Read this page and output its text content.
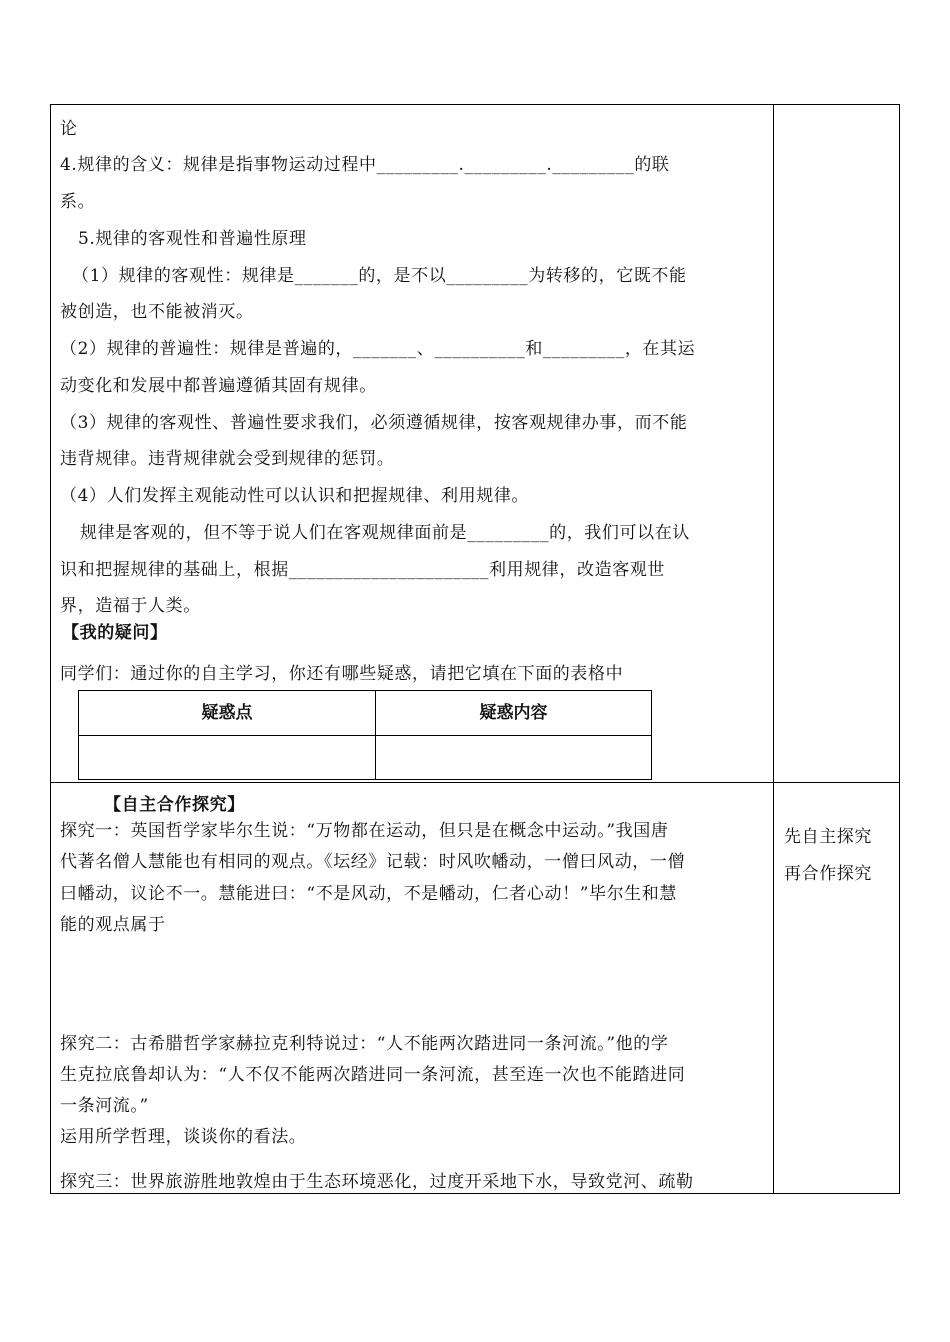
论
4.规律的含义：规律是指事物运动过程中_________._________._________的联
系。
5.规律的客观性和普遍性原理
（1）规律的客观性：规律是_______的，是不以_________为转移的，它既不能
被创造，也不能被消灭。
（2）规律的普遍性：规律是普遍的，_______、__________和_________，在其运
动变化和发展中都普遍遵循其固有规律。
（3）规律的客观性、普遍性要求我们，必须遵循规律，按客观规律办事，而不能
违背规律。违背规律就会受到规律的惩罚。
（4）人们发挥主观能动性可以认识和把握规律、利用规律。
规律是客观的，但不等于说人们在客观规律面前是_________的，我们可以在认
识和把握规律的基础上，根据______________________利用规律，改造客观世
界，造福于人类。
【我的疑问】
同学们：通过你的自主学习，你还有哪些疑惑，请把它填在下面的表格中
疑惑点	疑惑内容
【自主合作探究】
探究一：英国哲学家毕尔生说：“万物都在运动，但只是在概念中运动。”我国唐
代著名僧人慧能也有相同的观点。《坛经》记载：时风吹幡动，一僧曰风动，一僧
曰幡动，议论不一。慧能进曰：“不是风动，不是幡动，仁者心动！”毕尔生和慧
能的观点属于
探究二：古希腊哲学家赫拉克利特说过：“人不能两次踏进同一条河流。”他的学
生克拉底鲁却认为：“人不仅不能两次踏进同一条河流，甚至连一次也不能踏进同
一条河流。”
运用所学哲理，谈谈你的看法。
探究三：世界旅游胜地敦煌由于生态环境恶化，过度开采地下水，导致党河、疏勒
先自主探究
再合作探究
